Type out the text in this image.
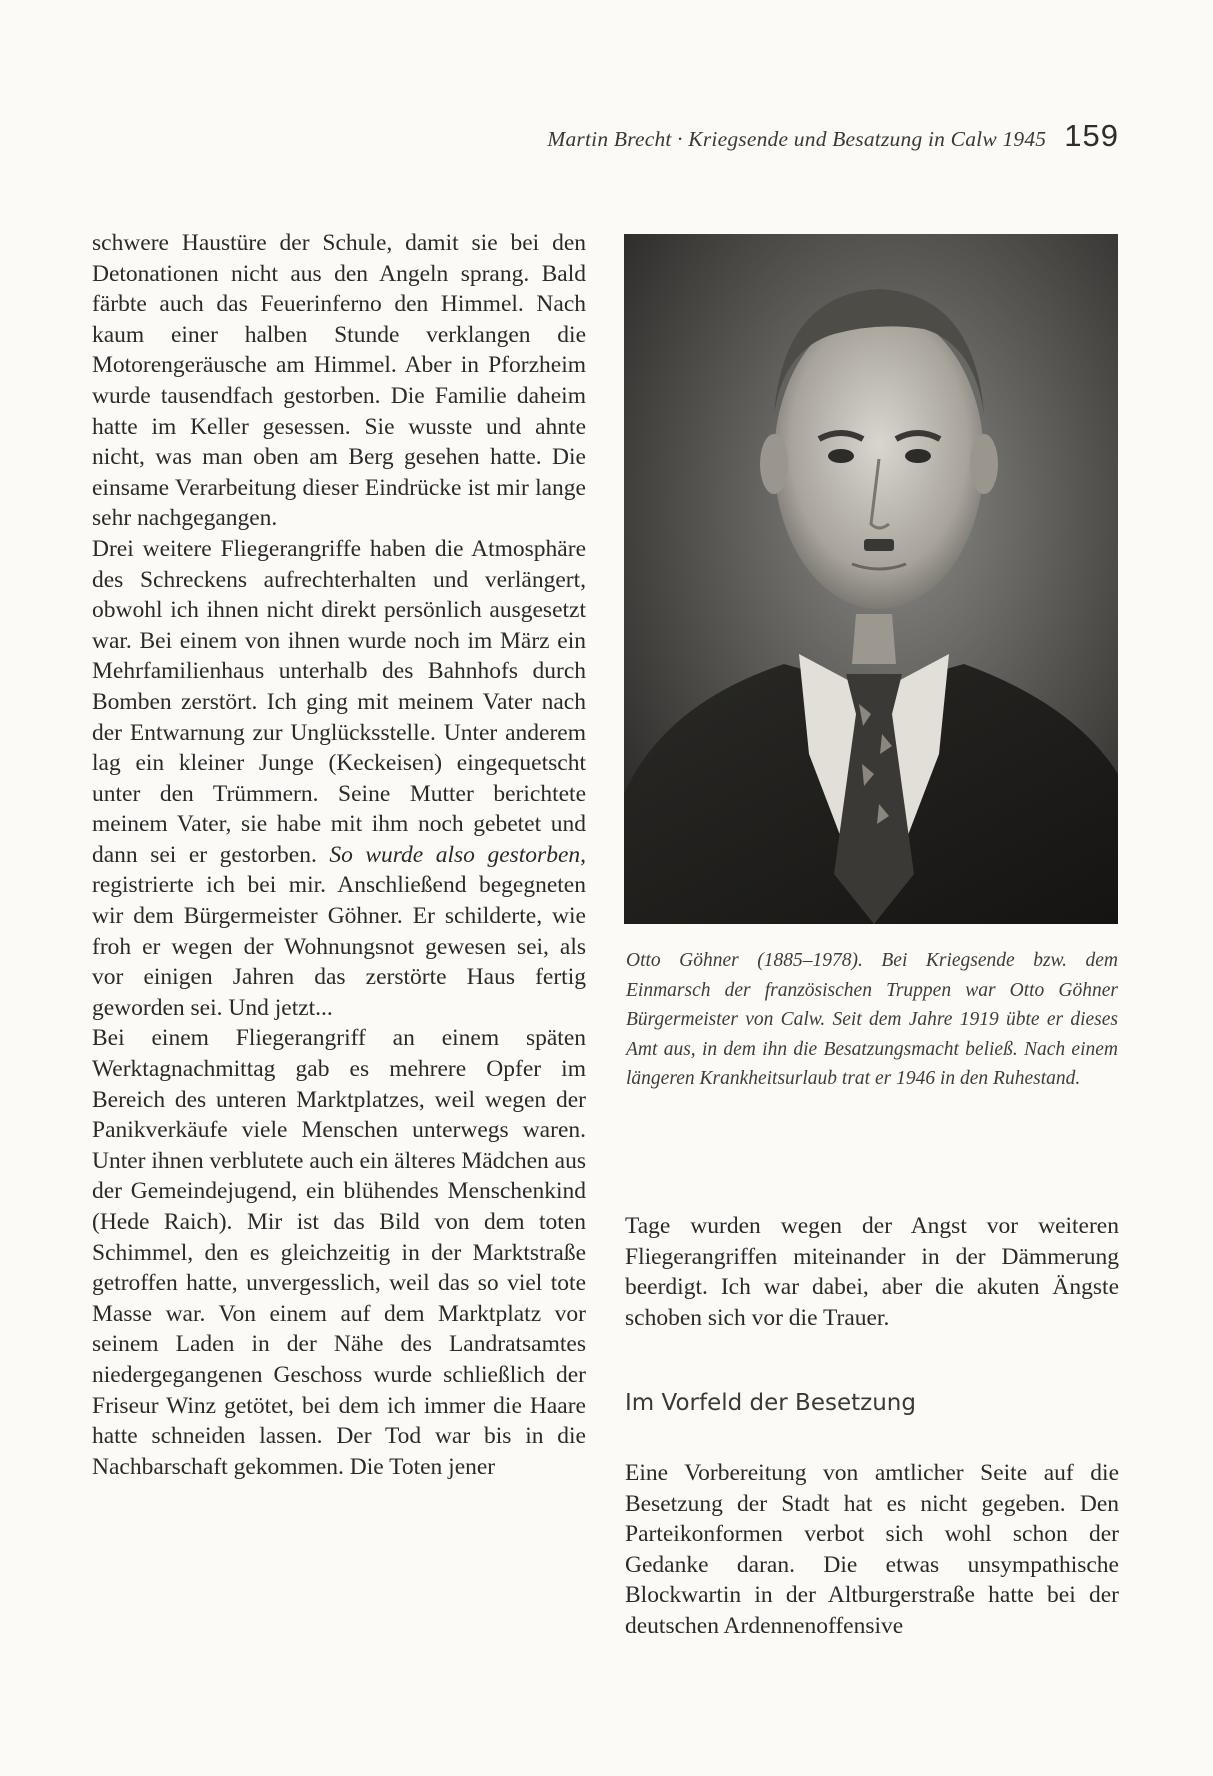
Martin Brecht · Kriegsende und Besatzung in Calw 1945 159

schwere Haustüre der Schule, damit sie bei den Detonationen nicht aus den Angeln sprang. Bald färbte auch das Feuerinferno den Himmel. Nach kaum einer halben Stunde verklangen die Motorengeräusche am Himmel. Aber in Pforzheim wurde tausendfach gestorben. Die Familie daheim hatte im Keller gesessen. Sie wusste und ahnte nicht, was man oben am Berg gesehen hatte. Die einsame Verarbeitung dieser Eindrücke ist mir lange sehr nachgegangen.

Drei weitere Fliegerangriffe haben die Atmosphäre des Schreckens aufrechterhalten und verlängert, obwohl ich ihnen nicht direkt persönlich ausgesetzt war. Bei einem von ihnen wurde noch im März ein Mehrfamilienhaus unterhalb des Bahnhofs durch Bomben zerstört. Ich ging mit meinem Vater nach der Entwarnung zur Unglücksstelle. Unter anderem lag ein kleiner Junge (Keckeisen) eingequetscht unter den Trümmern. Seine Mutter berichtete meinem Vater, sie habe mit ihm noch gebetet und dann sei er gestorben. So wurde also gestorben, registrierte ich bei mir. Anschließend begegneten wir dem Bürgermeister Göhner. Er schilderte, wie froh er wegen der Wohnungsnot gewesen sei, als vor einigen Jahren das zerstörte Haus fertig geworden sei. Und jetzt...

Bei einem Fliegerangriff an einem späten Werktagnachmittag gab es mehrere Opfer im Bereich des unteren Marktplatzes, weil wegen der Panikverkäufe viele Menschen unterwegs waren. Unter ihnen verblutete auch ein älteres Mädchen aus der Gemeindejugend, ein blühendes Menschenkind (Hede Raich). Mir ist das Bild von dem toten Schimmel, den es gleichzeitig in der Marktstraße getroffen hatte, unvergesslich, weil das so viel tote Masse war. Von einem auf dem Marktplatz vor seinem Laden in der Nähe des Landratsamtes niedergegangenen Geschoss wurde schließlich der Friseur Winz getötet, bei dem ich immer die Haare hatte schneiden lassen. Der Tod war bis in die Nachbarschaft gekommen. Die Toten jener

Otto Göhner (1885–1978). Bei Kriegsende bzw. dem Einmarsch der französischen Truppen war Otto Göhner Bürgermeister von Calw. Seit dem Jahre 1919 übte er dieses Amt aus, in dem ihn die Besatzungsmacht beließ. Nach einem längeren Krankheitsurlaub trat er 1946 in den Ruhestand.

Tage wurden wegen der Angst vor weiteren Fliegerangriffen miteinander in der Dämmerung beerdigt. Ich war dabei, aber die akuten Ängste schoben sich vor die Trauer.

Im Vorfeld der Besetzung

Eine Vorbereitung von amtlicher Seite auf die Besetzung der Stadt hat es nicht gegeben. Den Parteikonformen verbot sich wohl schon der Gedanke daran. Die etwas unsympathische Blockwartin in der Altburgerstraße hatte bei der deutschen Ardennenoffensive
